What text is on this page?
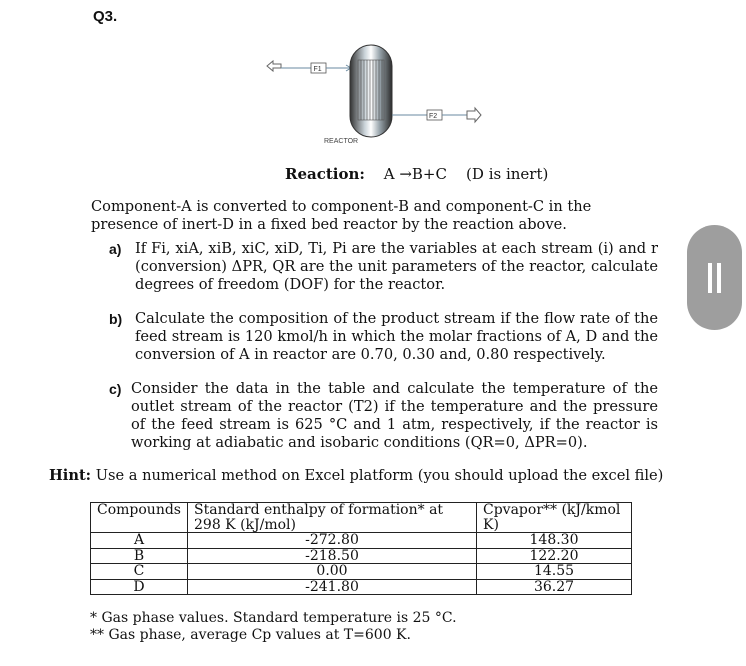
Q3.
F1
F2
REACTOR
Reaction: A →B+C (D is inert)
Component-A is converted to component-B and component-C in the presence of inert-D in a fixed bed reactor by the reaction above.
a) If Fi, xiA, xiB, xiC, xiD, Ti, Pi are the variables at each stream (i) and r (conversion) ΔPR, QR are the unit parameters of the reactor, calculate degrees of freedom (DOF) for the reactor.
b) Calculate the composition of the product stream if the flow rate of the feed stream is 120 kmol/h in which the molar fractions of A, D and the conversion of A in reactor are 0.70, 0.30 and, 0.80 respectively.
c) Consider the data in the table and calculate the temperature of the outlet stream of the reactor (T2) if the temperature and the pressure of the feed stream is 625 °C and 1 atm, respectively, if the reactor is working at adiabatic and isobaric conditions (QR=0, ΔPR=0).
Hint: Use a numerical method on Excel platform (you should upload the excel file)
Compounds	Standard enthalpy of formation* at 298 K (kJ/mol)	Cpvapor** (kJ/kmol K)
A	-272.80	148.30
B	-218.50	122.20
C	0.00	14.55
D	-241.80	36.27
* Gas phase values. Standard temperature is 25 °C.
** Gas phase, average Cp values at T=600 K.
